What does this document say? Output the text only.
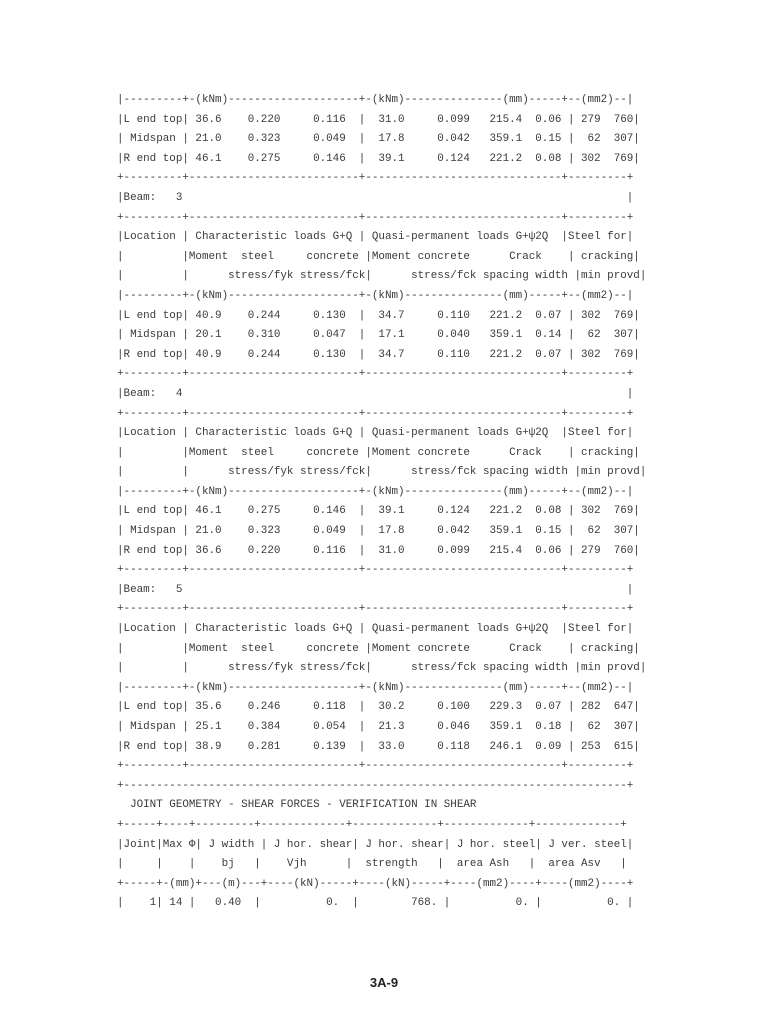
|---------+-(kNm)--------------------+-(kNm)---------------(mm)-----+--(mm2)--|
|L end top| 36.6    0.220     0.116  |  31.0     0.099   215.4  0.06 | 279  760|
| Midspan | 21.0    0.323     0.049  |  17.8     0.042   359.1  0.15 |  62  307|
|R end top| 46.1    0.275     0.146  |  39.1     0.124   221.2  0.08 | 302  769|
+---------+--------------------------+------------------------------+---------+
|Beam:   3                                                                    |
+---------+--------------------------+------------------------------+---------+
|Location | Characteristic loads G+Q | Quasi-permanent loads G+ψ2Q  |Steel for|
|         |Moment  steel     concrete |Moment concrete      Crack    | cracking|
|         |      stress/fyk stress/fck|      stress/fck spacing width |min provd|
|---------+-(kNm)--------------------+-(kNm)---------------(mm)-----+--(mm2)--|
|L end top| 40.9    0.244     0.130  |  34.7     0.110   221.2  0.07 | 302  769|
| Midspan | 20.1    0.310     0.047  |  17.1     0.040   359.1  0.14 |  62  307|
|R end top| 40.9    0.244     0.130  |  34.7     0.110   221.2  0.07 | 302  769|
+---------+--------------------------+------------------------------+---------+
|Beam:   4                                                                    |
+---------+--------------------------+------------------------------+---------+
|Location | Characteristic loads G+Q | Quasi-permanent loads G+ψ2Q  |Steel for|
|         |Moment  steel     concrete |Moment concrete      Crack    | cracking|
|         |      stress/fyk stress/fck|      stress/fck spacing width |min provd|
|---------+-(kNm)--------------------+-(kNm)---------------(mm)-----+--(mm2)--|
|L end top| 46.1    0.275     0.146  |  39.1     0.124   221.2  0.08 | 302  769|
| Midspan | 21.0    0.323     0.049  |  17.8     0.042   359.1  0.15 |  62  307|
|R end top| 36.6    0.220     0.116  |  31.0     0.099   215.4  0.06 | 279  760|
+---------+--------------------------+------------------------------+---------+
|Beam:   5                                                                    |
+---------+--------------------------+------------------------------+---------+
|Location | Characteristic loads G+Q | Quasi-permanent loads G+ψ2Q  |Steel for|
|         |Moment  steel     concrete |Moment concrete      Crack    | cracking|
|         |      stress/fyk stress/fck|      stress/fck spacing width |min provd|
|---------+-(kNm)--------------------+-(kNm)---------------(mm)-----+--(mm2)--|
|L end top| 35.6    0.246     0.118  |  30.2     0.100   229.3  0.07 | 282  647|
| Midspan | 25.1    0.384     0.054  |  21.3     0.046   359.1  0.18 |  62  307|
|R end top| 38.9    0.281     0.139  |  33.0     0.118   246.1  0.09 | 253  615|
+---------+--------------------------+------------------------------+---------+
+-----------------------------------------------------------------------------+
JOINT GEOMETRY - SHEAR FORCES - VERIFICATION IN SHEAR
+-----+----+---------+-------------+-------------+-------------+-------------+
|Joint|Max Φ| J width | J hor. shear| J hor. shear| J hor. steel| J ver. steel|
|     |    |    bj   |    Vjh      |  strength   |  area Ash   |  area Asv   |
+-----+-(mm)+---(m)---+----(kN)-----+----(kN)-----+----(mm2)----+----(mm2)----+
|    1| 14 |   0.40  |          0.  |        768. |          0. |          0. |
3A-9
